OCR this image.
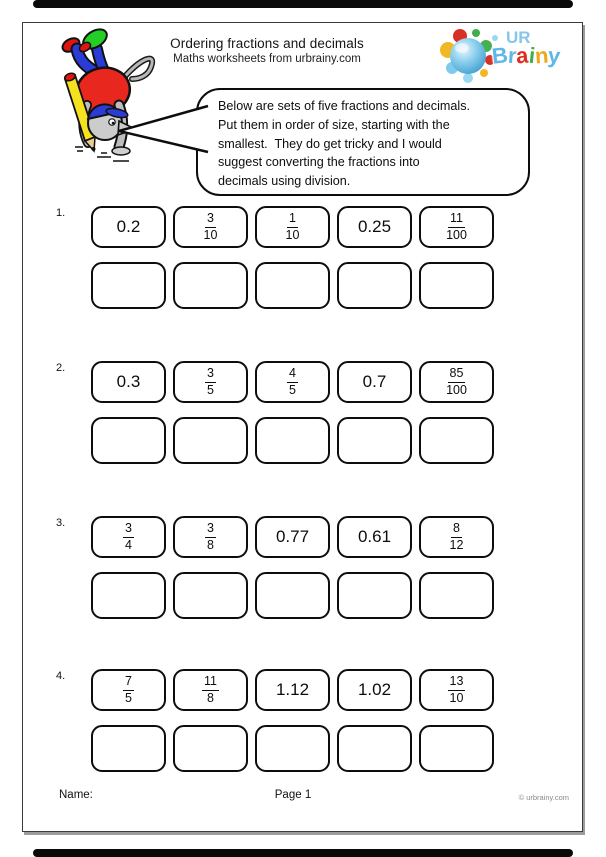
Ordering fractions and decimals
Maths worksheets from urbrainy.com
UR
Brainy
Below are sets of five fractions and decimals.
Put them in order of size, starting with the
smallest.  They do get tricky and I would
suggest converting the fractions into
decimals using division.
1.
0.2	$\frac{3}{10}$	$\frac{1}{10}$	0.25	$\frac{11}{100}$
2.
0.3	$\frac{3}{5}$	$\frac{4}{5}$	0.7	$\frac{85}{100}$
3.	$\frac{3}{4}$	$\frac{3}{8}$	0.77	0.61	$\frac{8}{12}$
4.	$\frac{7}{5}$	$\frac{11}{8}$	1.12	1.02	$\frac{13}{10}$
Name:	Page 1	© urbrainy.com
